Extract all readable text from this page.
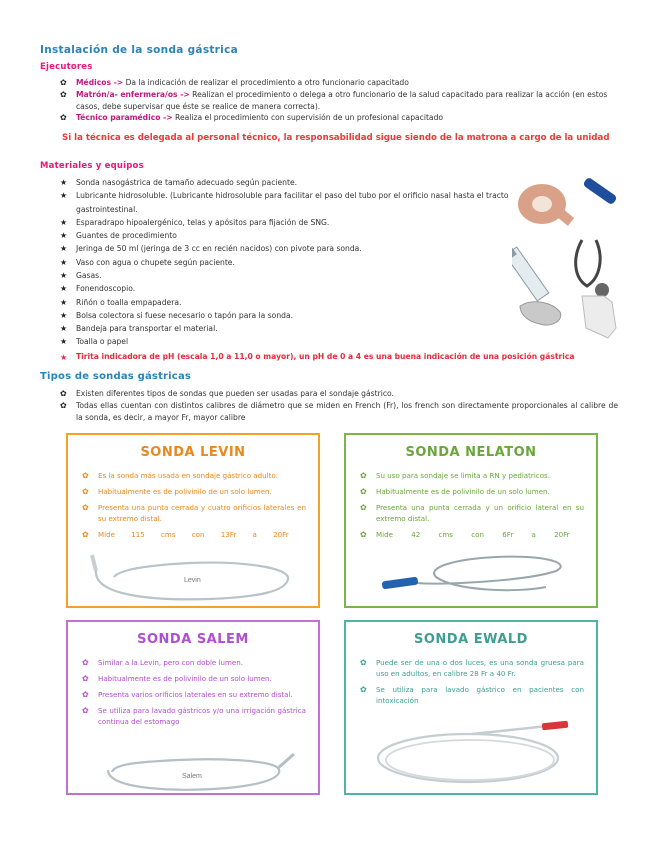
Instalación de la sonda gástrica
Ejecutores
✿ Médicos -> Da la indicación de realizar el procedimiento a otro funcionario capacitado
✿ Matrón/a- enfermera/os -> Realizan el procedimiento o delega a otro funcionario de la salud capacitado para realizar la acción (en estos casos, debe supervisar que éste se realice de manera correcta).
✿ Técnico paramédico -> Realiza el procedimiento con supervisión de un profesional capacitado
Si la técnica es delegada al personal técnico, la responsabilidad sigue siendo de la matrona a cargo de la unidad
Materiales y equipos
★ Sonda nasogástrica de tamaño adecuado según paciente.
★ Lubricante hidrosoluble. (Lubricante hidrosoluble para facilitar el paso del tubo por el orificio nasal hasta el tracto gastrointestinal.
★ Esparadrapo hipoalergénico, telas y apósitos para fijación de SNG.
★ Guantes de procedimiento
★ Jeringa de 50 ml (jeringa de 3 cc en recién nacidos) con pivote para sonda.
★ Vaso con agua o chupete según paciente.
★ Gasas.
★ Fonendoscopio.
★ Riñón o toalla empapadera.
★ Bolsa colectora si fuese necesario o tapón para la sonda.
★ Bandeja para transportar el material.
★ Toalla o papel
★ Tirita indicadora de pH (escala 1,0 a 11,0 o mayor), un pH de 0 a 4 es una buena indicación de una posición gástrica
Tipos de sondas gástricas
✿ Existen diferentes tipos de sondas que pueden ser usadas para el sondaje gástrico.
✿ Todas ellas cuentan con distintos calibres de diámetro que se miden en French (Fr), los french son directamente proporcionales al calibre de la sonda, es decir, a mayor Fr, mayor calibre
SONDA LEVIN
✿ Es la sonda más usada en sondaje gástrico adulto.
✿ Habitualmente es de polivinilo de un solo lumen.
✿ Presenta una punta cerrada y cuatro orificios laterales en su extremo distal.
✿ Mide 115 cms con 13Fr a 20Fr
Levin
SONDA NELATON
✿ Su uso para sondaje se limita a RN y pediatricos.
✿ Habitualmente es de polivinilo de un solo lumen.
✿ Presenta una punta cerrada y un orificio lateral en su extremo distal.
✿ Mide 42 cms con 6Fr a 20Fr
SONDA SALEM
✿ Similar a la Levin, pero con doble lumen.
✿ Habitualmente es de polivinilo de un solo lumen.
✿ Presenta varios orificios laterales en su extremo distal.
✿ Se utiliza para lavado gástricos y/o una irrigación gástrica continua del estomago
Salem
SONDA EWALD
✿ Puede ser de una o dos luces, es una sonda gruesa para uso en adultos, en calibre 28 Fr a 40 Fr.
✿ Se utiliza para lavado gástrico en pacientes con intoxicación
